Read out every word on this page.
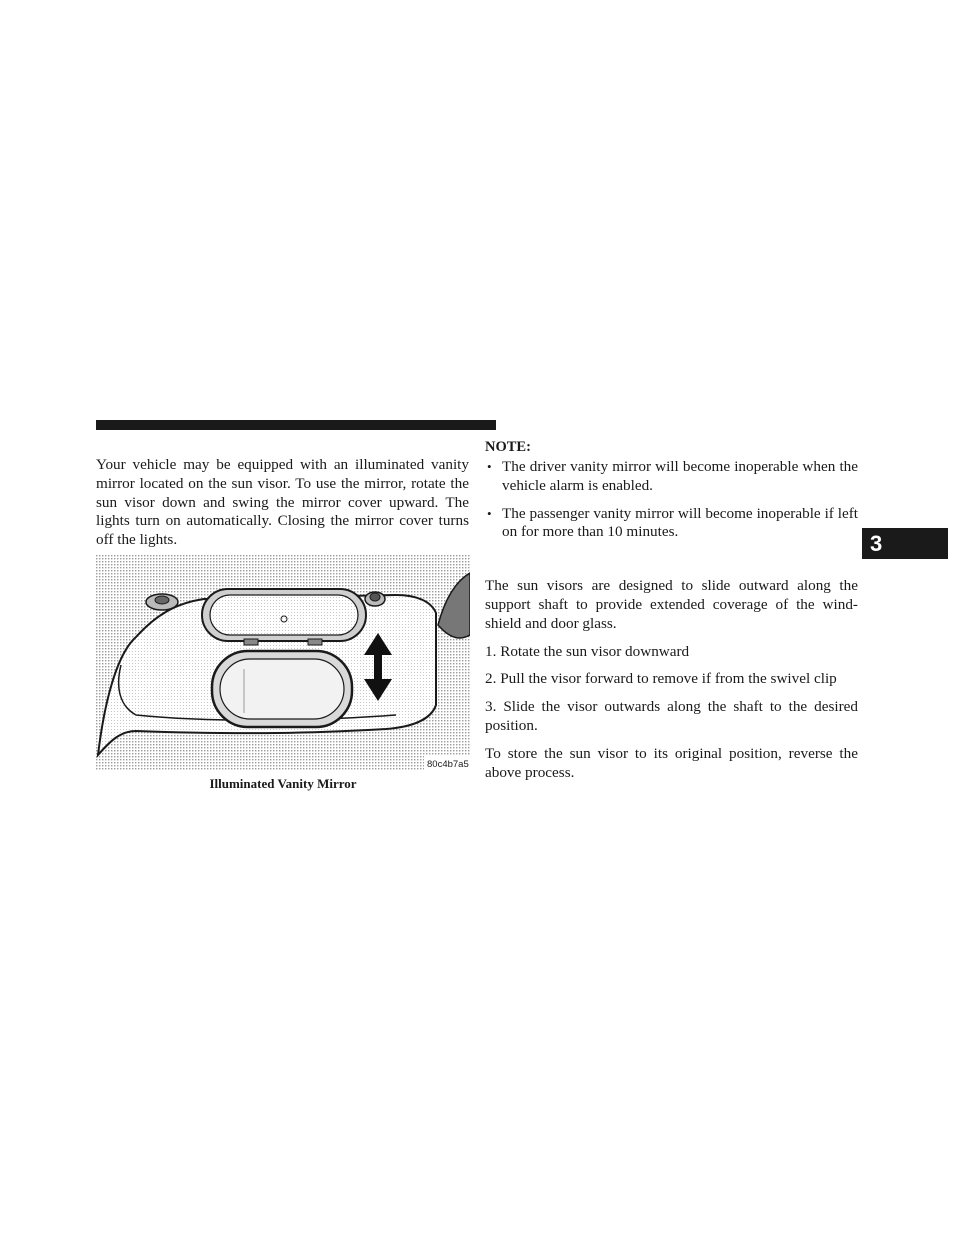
Your vehicle may be equipped with an illuminated vanity mirror located on the sun visor. To use the mirror, rotate the sun visor down and swing the mirror cover upward. The lights turn on automatically. Closing the mirror cover turns off the lights.

80c4b7a5
Illuminated Vanity Mirror
NOTE:
• The driver vanity mirror will become inoperable when the vehicle alarm is enabled.
• The passenger vanity mirror will become inoperable if left on for more than 10 minutes.

The sun visors are designed to slide outward along the support shaft to provide extended coverage of the wind-shield and door glass.

1. Rotate the sun visor downward

2. Pull the visor forward to remove if from the swivel clip

3. Slide the visor outwards along the shaft to the desired position.

To store the sun visor to its original position, reverse the above process.

3
